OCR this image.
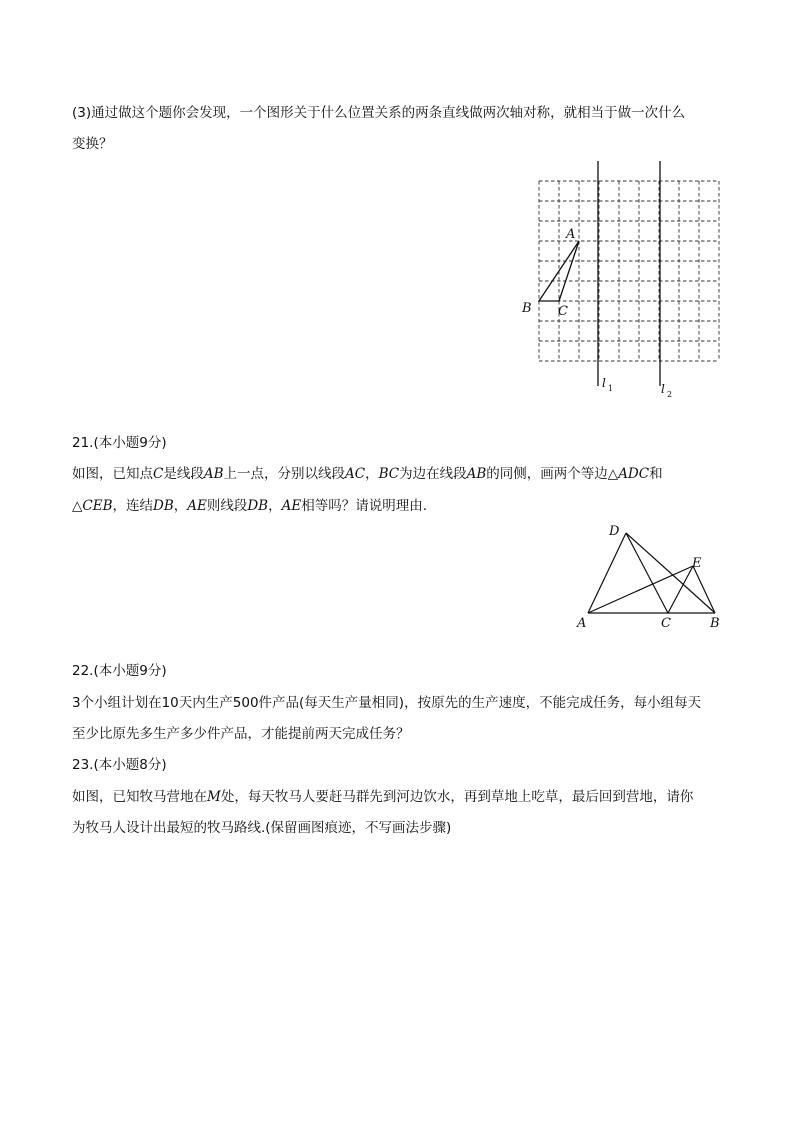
(3)通过做这个题你会发现，一个图形关于什么位置关系的两条直线做两次轴对称，就相当于做一次什么
变换？
A
B C
l 1	l 2
21.(本小题9分)
如图，已知点C是线段AB上一点，分别以线段AC，BC为边在线段AB的同侧，画两个等边△ADC和
△CEB，连结DB，AE则线段DB，AE相等吗？请说明理由.
D
E
A	C	B
22.(本小题9分)
3个小组计划在10天内生产500件产品(每天生产量相同)，按原先的生产速度，不能完成任务，每小组每天
至少比原先多生产多少件产品，才能提前两天完成任务？
23.(本小题8分)
如图，已知牧马营地在M处，每天牧马人要赶马群先到河边饮水，再到草地上吃草，最后回到营地，请你
为牧马人设计出最短的牧马路线.(保留画图痕迹，不写画法步骤)
